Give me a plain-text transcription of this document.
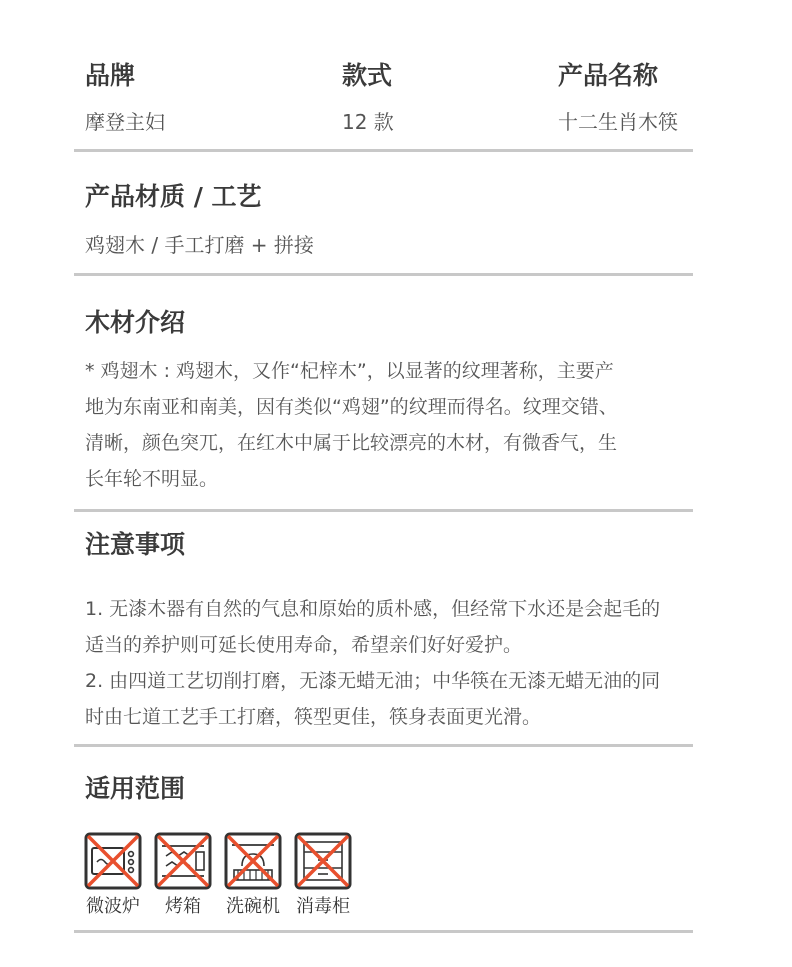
品牌
摩登主妇
款式
12 款
产品名称
十二生肖木筷
产品材质 / 工艺
鸡翅木 / 手工打磨 + 拼接
木材介绍
* 鸡翅木 : 鸡翅木，又作“杞梓木”，以显著的纹理著称，主要产
地为东南亚和南美，因有类似“鸡翅”的纹理而得名。纹理交错、
清晰，颜色突兀，在红木中属于比较漂亮的木材，有微香气，生
长年轮不明显。
注意事项
1. 无漆木器有自然的气息和原始的质朴感，但经常下水还是会起毛的
适当的养护则可延长使用寿命，希望亲们好好爱护。
2. 由四道工艺切削打磨，无漆无蜡无油；中华筷在无漆无蜡无油的同
时由七道工艺手工打磨，筷型更佳，筷身表面更光滑。
适用范围
微波炉 烤箱 洗碗机 消毒柜
